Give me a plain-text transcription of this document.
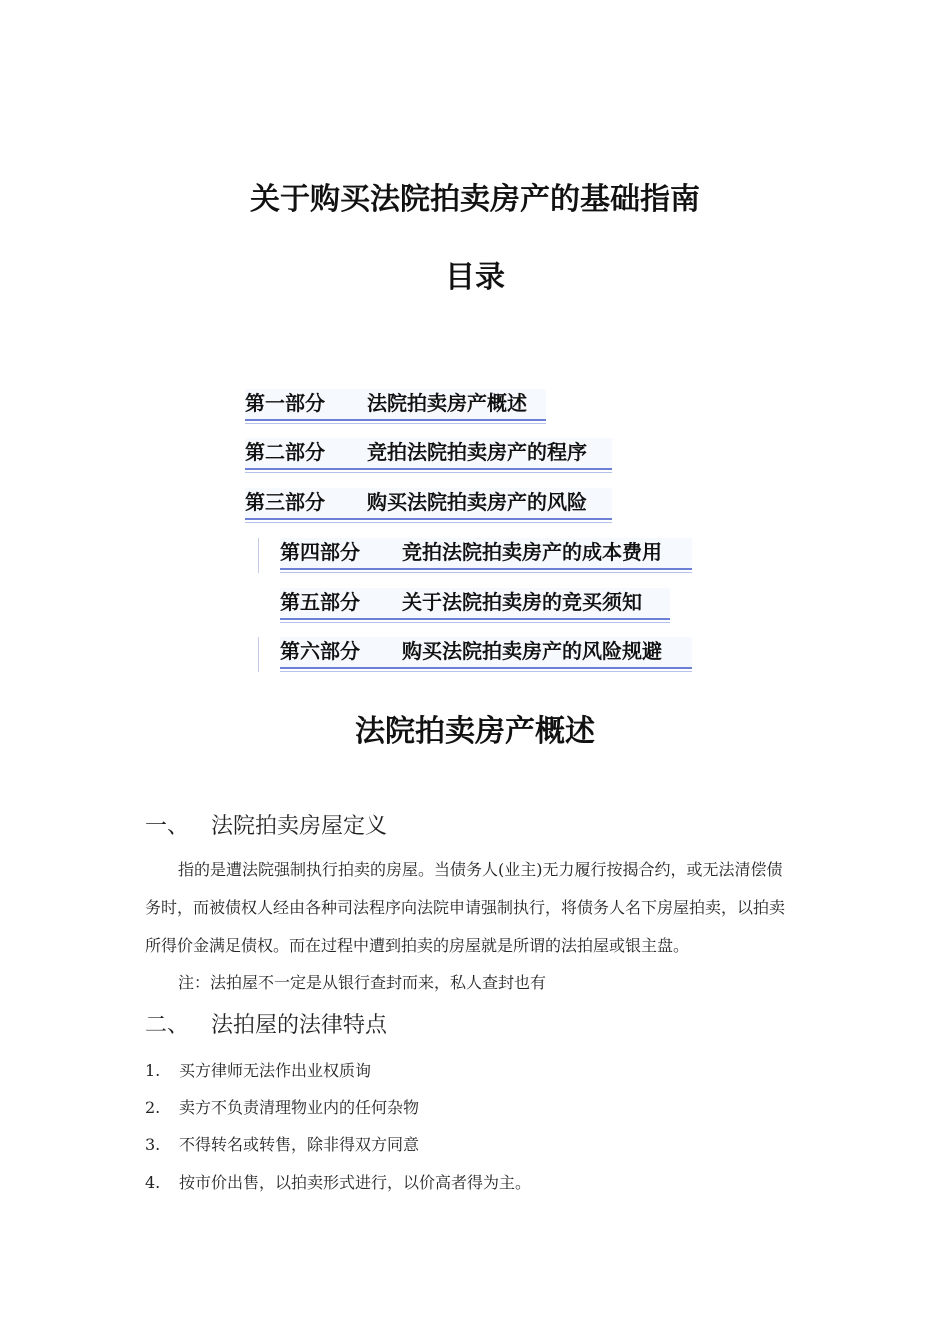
关于购买法院拍卖房产的基础指南
目录
第一部分 法院拍卖房产概述
第二部分 竞拍法院拍卖房产的程序
第三部分 购买法院拍卖房产的风险
第四部分 竞拍法院拍卖房产的成本费用
第五部分 关于法院拍卖房的竞买须知
第六部分 购买法院拍卖房产的风险规避
法院拍卖房产概述
一、 法院拍卖房屋定义
指的是遭法院强制执行拍卖的房屋。当债务人(业主)无力履行按揭合约，或无法清偿债
务时，而被债权人经由各种司法程序向法院申请强制执行，将债务人名下房屋拍卖，以拍卖
所得价金满足债权。而在过程中遭到拍卖的房屋就是所谓的法拍屋或银主盘。
注：法拍屋不一定是从银行查封而来，私人查封也有
二、 法拍屋的法律特点
1. 买方律师无法作出业权质询
2. 卖方不负责清理物业内的任何杂物
3. 不得转名或转售，除非得双方同意
4. 按市价出售，以拍卖形式进行，以价高者得为主。
